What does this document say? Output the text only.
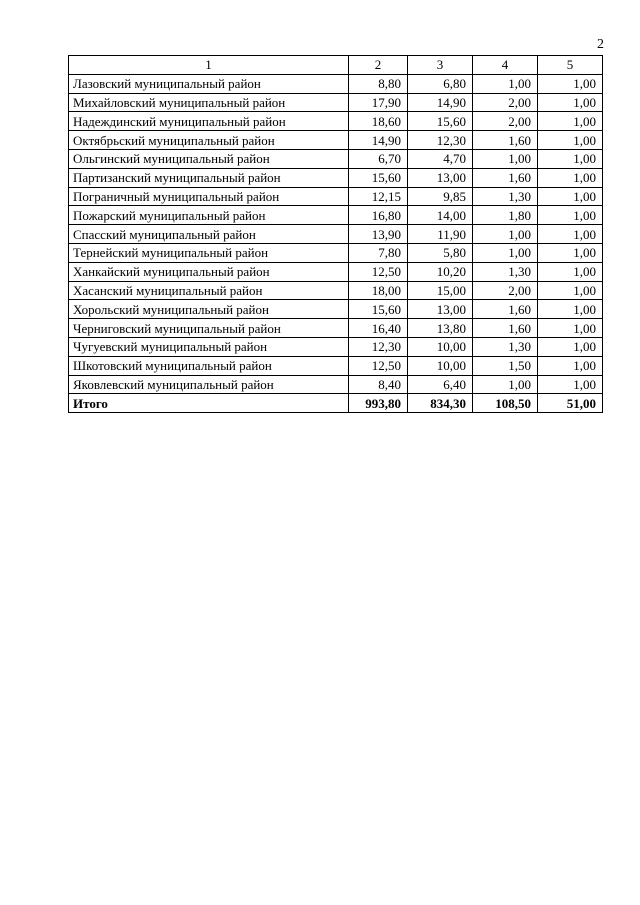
2
1	2	3	4	5
Лазовский муниципальный район	8,80	6,80	1,00	1,00
Михайловский муниципальный район	17,90	14,90	2,00	1,00
Надеждинский муниципальный район	18,60	15,60	2,00	1,00
Октябрьский муниципальный район	14,90	12,30	1,60	1,00
Ольгинский муниципальный район	6,70	4,70	1,00	1,00
Партизанский муниципальный район	15,60	13,00	1,60	1,00
Пограничный муниципальный район	12,15	9,85	1,30	1,00
Пожарский муниципальный район	16,80	14,00	1,80	1,00
Спасский муниципальный район	13,90	11,90	1,00	1,00
Тернейский муниципальный район	7,80	5,80	1,00	1,00
Ханкайский муниципальный район	12,50	10,20	1,30	1,00
Хасанский муниципальный район	18,00	15,00	2,00	1,00
Хорольский муниципальный район	15,60	13,00	1,60	1,00
Черниговский муниципальный район	16,40	13,80	1,60	1,00
Чугуевский муниципальный район	12,30	10,00	1,30	1,00
Шкотовский муниципальный район	12,50	10,00	1,50	1,00
Яковлевский муниципальный район	8,40	6,40	1,00	1,00
Итого	993,80	834,30	108,50	51,00
